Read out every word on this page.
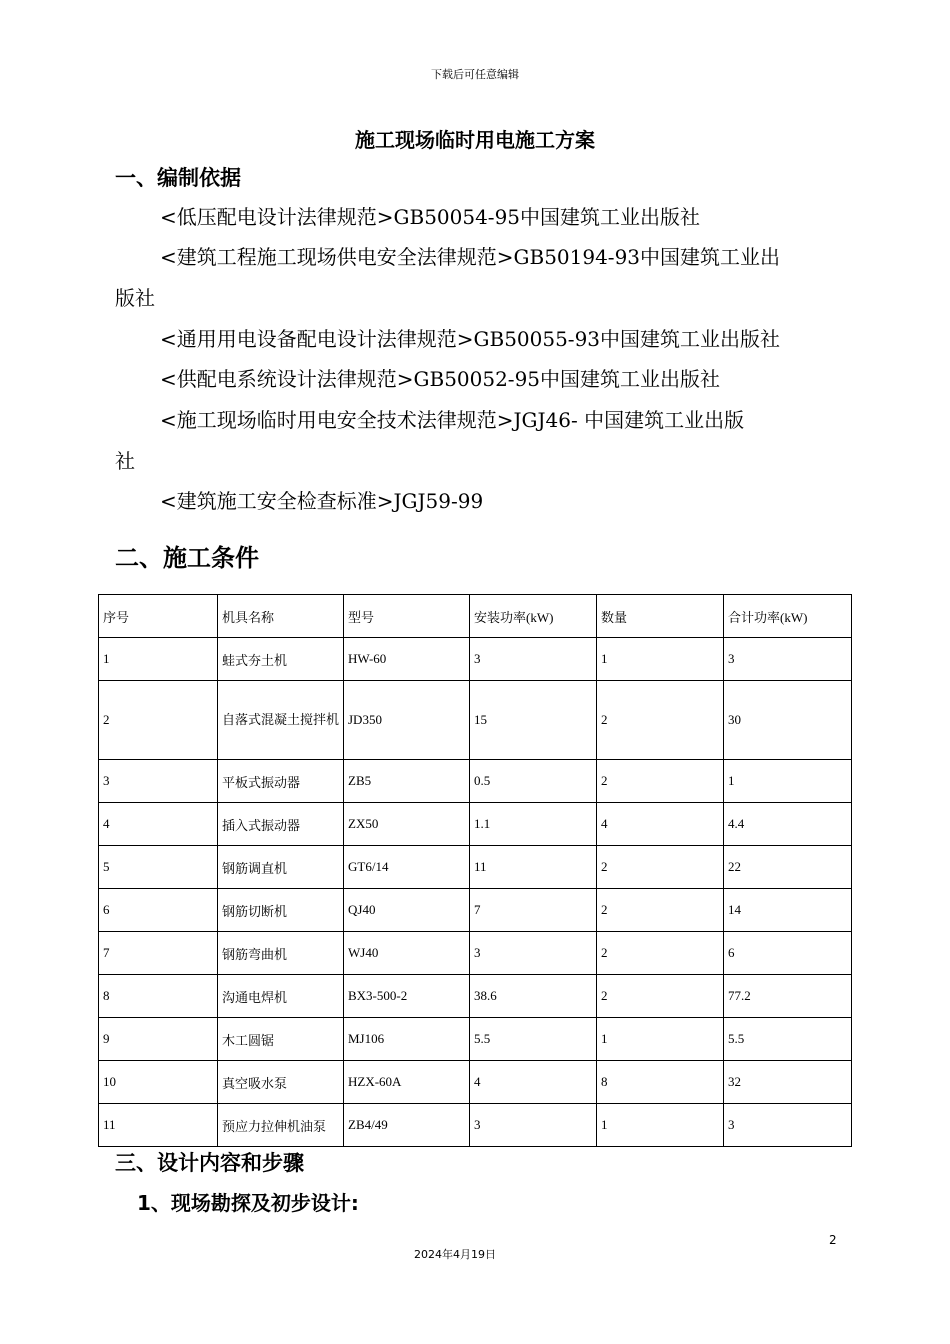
下载后可任意编辑
施工现场临时用电施工方案
一、编制依据
<低压配电设计法律规范>GB50054-95中国建筑工业出版社
<建筑工程施工现场供电安全法律规范>GB50194-93中国建筑工业出
版社
<通用用电设备配电设计法律规范>GB50055-93中国建筑工业出版社
<供配电系统设计法律规范>GB50052-95中国建筑工业出版社
<施工现场临时用电安全技术法律规范>JGJ46- 中国建筑工业出版
社
<建筑施工安全检查标准>JGJ59-99
二、施工条件
序号	机具名称	型号	安装功率(kW)	数量	合计功率(kW)
1	蛙式夯土机	HW-60	3	1	3
2	自落式混凝土搅拌机	JD350	15	2	30
3	平板式振动器	ZB5	0.5	2	1
4	插入式振动器	ZX50	1.1	4	4.4
5	钢筋调直机	GT6/14	11	2	22
6	钢筋切断机	QJ40	7	2	14
7	钢筋弯曲机	WJ40	3	2	6
8	沟通电焊机	BX3-500-2	38.6	2	77.2
9	木工圆锯	MJ106	5.5	1	5.5
10	真空吸水泵	HZX-60A	4	8	32
11	预应力拉伸机油泵	ZB4/49	3	1	3
三、设计内容和步骤
1、现场勘探及初步设计:
2
2024年4月19日
